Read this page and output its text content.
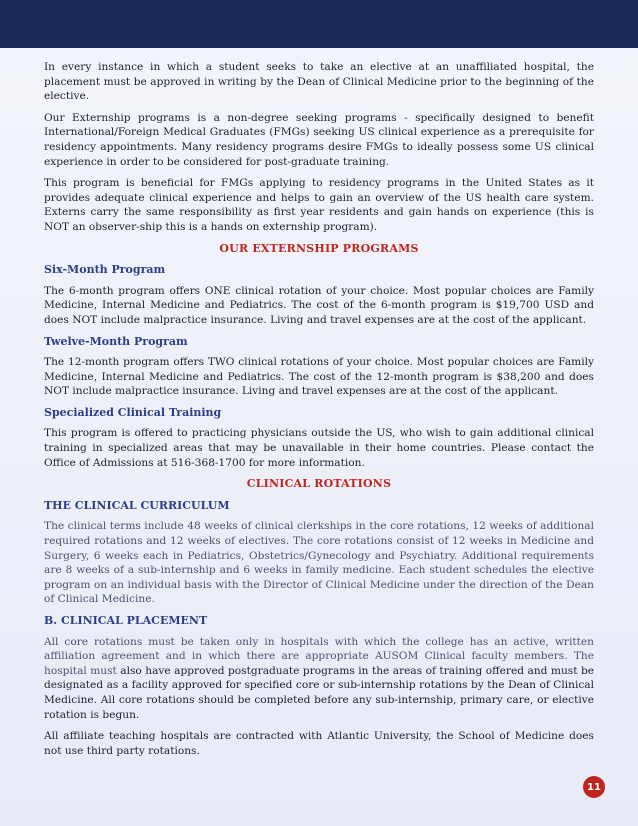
In every instance in which a student seeks to take an elective at an unaffiliated hospital, the placement must be approved in writing by the Dean of Clinical Medicine prior to the beginning of the elective.

Our Externship programs is a non-degree seeking programs - specifically designed to benefit International/Foreign Medical Graduates (FMGs) seeking US clinical experience as a prerequisite for residency appointments. Many residency programs desire FMGs to ideally possess some US clinical experience in order to be considered for post-graduate training.

This program is beneficial for FMGs applying to residency programs in the United States as it provides adequate clinical experience and helps to gain an overview of the US health care system. Externs carry the same responsibility as first year residents and gain hands on experience (this is NOT an observer-ship this is a hands on externship program).

OUR EXTERNSHIP PROGRAMS
Six-Month Program

The 6-month program offers ONE clinical rotation of your choice. Most popular choices are Family Medicine, Internal Medicine and Pediatrics. The cost of the 6-month program is $19,700 USD and does NOT include malpractice insurance. Living and travel expenses are at the cost of the applicant.

Twelve-Month Program

The 12-month program offers TWO clinical rotations of your choice. Most popular choices are Family Medicine, Internal Medicine and Pediatrics. The cost of the 12-month program is $38,200 and does NOT include malpractice insurance. Living and travel expenses are at the cost of the applicant.

Specialized Clinical Training

This program is offered to practicing physicians outside the US, who wish to gain additional clinical training in specialized areas that may be unavailable in their home countries. Please contact the Office of Admissions at 516-368-1700 for more information.

CLINICAL ROTATIONS
THE CLINICAL CURRICULUM

The clinical terms include 48 weeks of clinical clerkships in the core rotations, 12 weeks of additional required rotations and 12 weeks of electives. The core rotations consist of 12 weeks in Medicine and Surgery, 6 weeks each in Pediatrics, Obstetrics/Gynecology and Psychiatry. Additional requirements are 8 weeks of a sub-internship and 6 weeks in family medicine. Each student schedules the elective program on an individual basis with the Director of Clinical Medicine under the direction of the Dean of Clinical Medicine.

B. CLINICAL PLACEMENT

All core rotations must be taken only in hospitals with which the college has an active, written affiliation agreement and in which there are appropriate AUSOM Clinical faculty members. The hospital must also have approved postgraduate programs in the areas of training offered and must be designated as a facility approved for specified core or sub-internship rotations by the Dean of Clinical Medicine. All core rotations should be completed before any sub-internship, primary care, or elective rotation is begun.

All affiliate teaching hospitals are contracted with Atlantic University, the School of Medicine does not use third party rotations.

11
